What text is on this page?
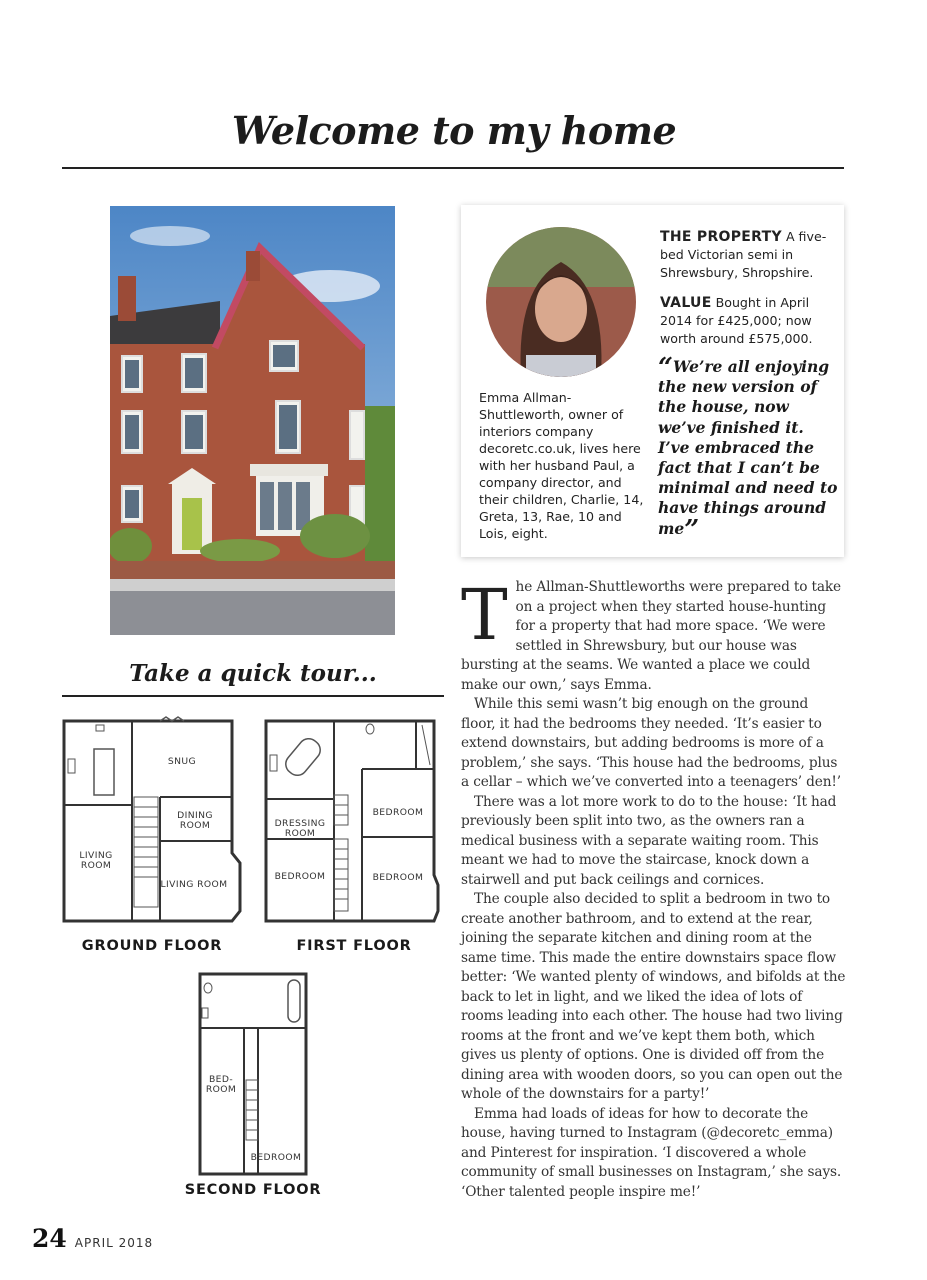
Welcome to my home
Emma Allman-Shuttleworth, owner of interiors company decoretc.co.uk, lives here with her husband Paul, a company director, and their children, Charlie, 14, Greta, 13, Rae, 10 and Lois, eight.
THE PROPERTY A five-bed Victorian semi in Shrewsbury, Shropshire.
VALUE Bought in April 2014 for £425,000; now worth around £575,000.
“We’re all enjoying the new version of the house, now we’ve finished it. I’ve embraced the fact that I can’t be minimal and need to have things around me”

The Allman-Shuttleworths were prepared to take on a project when they started house-hunting for a property that had more space. ‘We were settled in Shrewsbury, but our house was bursting at the seams. We wanted a place we could make our own,’ says Emma.

While this semi wasn’t big enough on the ground floor, it had the bedrooms they needed. ‘It’s easier to extend downstairs, but adding bedrooms is more of a problem,’ she says. ‘This house had the bedrooms, plus a cellar – which we’ve converted into a teenagers’ den!’

There was a lot more work to do to the house: ‘It had previously been split into two, as the owners ran a medical business with a separate waiting room. This meant we had to move the staircase, knock down a stairwell and put back ceilings and cornices.

The couple also decided to split a bedroom in two to create another bathroom, and to extend at the rear, joining the separate kitchen and dining room at the same time. This made the entire downstairs space flow better: ‘We wanted plenty of windows, and bifolds at the back to let in light, and we liked the idea of lots of rooms leading into each other. The house had two living rooms at the front and we’ve kept them both, which gives us plenty of options. One is divided off from the dining area with wooden doors, so you can open out the whole of the downstairs for a party!’

Emma had loads of ideas for how to decorate the house, having turned to Instagram (@decoretc_emma) and Pinterest for inspiration. ‘I discovered a whole community of small businesses on Instagram,’ she says. ‘Other talented people inspire me!’

Take a quick tour...
SNUG
DINING
ROOM
LIVING
ROOM
LIVING ROOM
GROUND FLOOR
DRESSING
ROOM
BEDROOM
BEDROOM	BEDROOM
FIRST FLOOR
BED-
ROOM
BEDROOM
SECOND FLOOR
24 APRIL 2018
